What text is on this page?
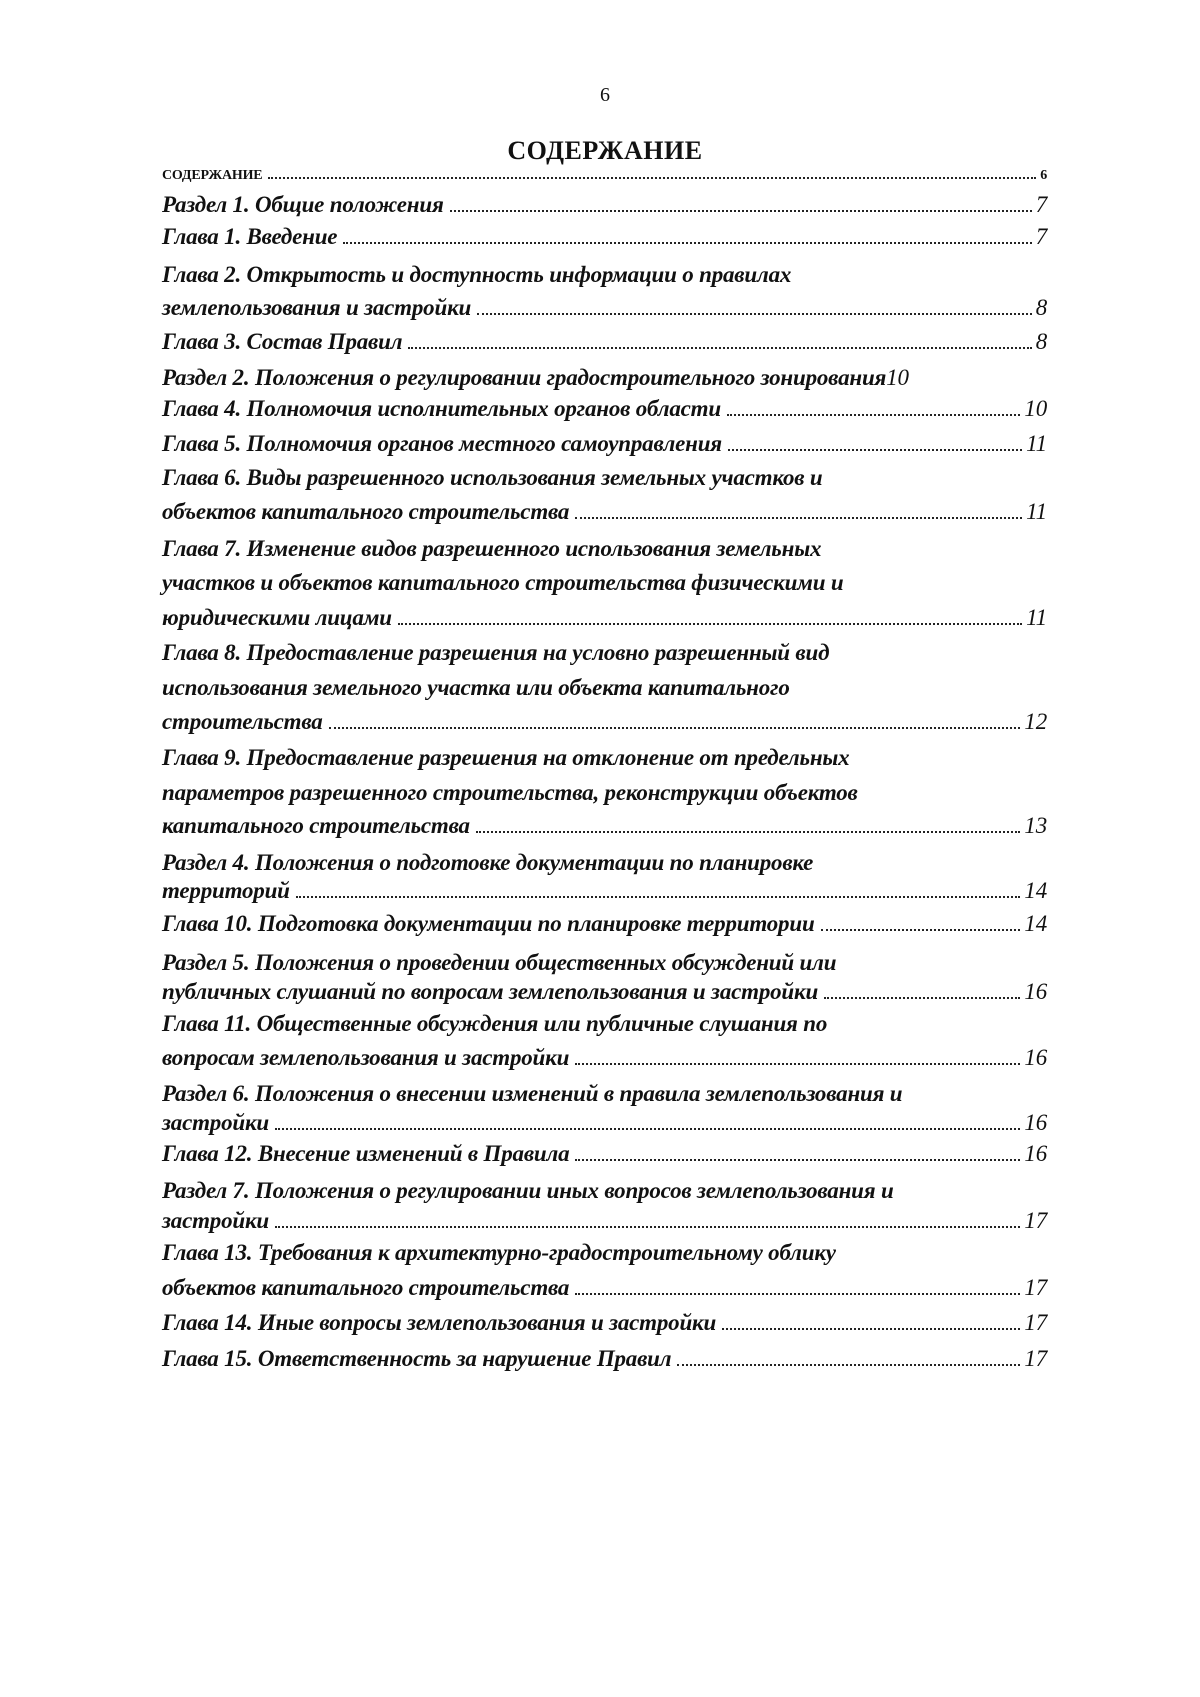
6
СОДЕРЖАНИЕ
СОДЕРЖАНИЕ	6
Раздел 1. Общие положения	7
Глава 1. Введение	7
Глава 2. Открытость и доступность информации о правилах
землепользования и застройки	8
Глава 3. Состав Правил	8
Раздел 2. Положения о регулировании градостроительного зонирования 10
Глава 4. Полномочия исполнительных органов области	10
Глава 5. Полномочия органов местного самоуправления	11
Глава 6. Виды разрешенного использования земельных участков и
объектов капитального строительства	11
Глава 7. Изменение видов разрешенного использования земельных
участков и объектов капитального строительства физическими и
юридическими лицами	11
Глава 8. Предоставление разрешения на условно разрешенный вид
использования земельного участка или объекта капитального
строительства	12
Глава 9. Предоставление разрешения на отклонение от предельных
параметров разрешенного строительства, реконструкции объектов
капитального строительства	13
Раздел 4. Положения о подготовке документации по планировке
территорий	14
Глава 10. Подготовка документации по планировке территории	14
Раздел 5. Положения о проведении общественных обсуждений или
публичных слушаний по вопросам землепользования и застройки	16
Глава 11. Общественные обсуждения или публичные слушания по
вопросам землепользования и застройки	16
Раздел 6. Положения о внесении изменений в правила землепользования и
застройки	16
Глава 12. Внесение изменений в Правила	16
Раздел 7. Положения о регулировании иных вопросов землепользования и
застройки	17
Глава 13. Требования к архитектурно-градостроительному облику
объектов капитального строительства	17
Глава 14. Иные вопросы землепользования и застройки	17
Глава 15. Ответственность за нарушение Правил	17
